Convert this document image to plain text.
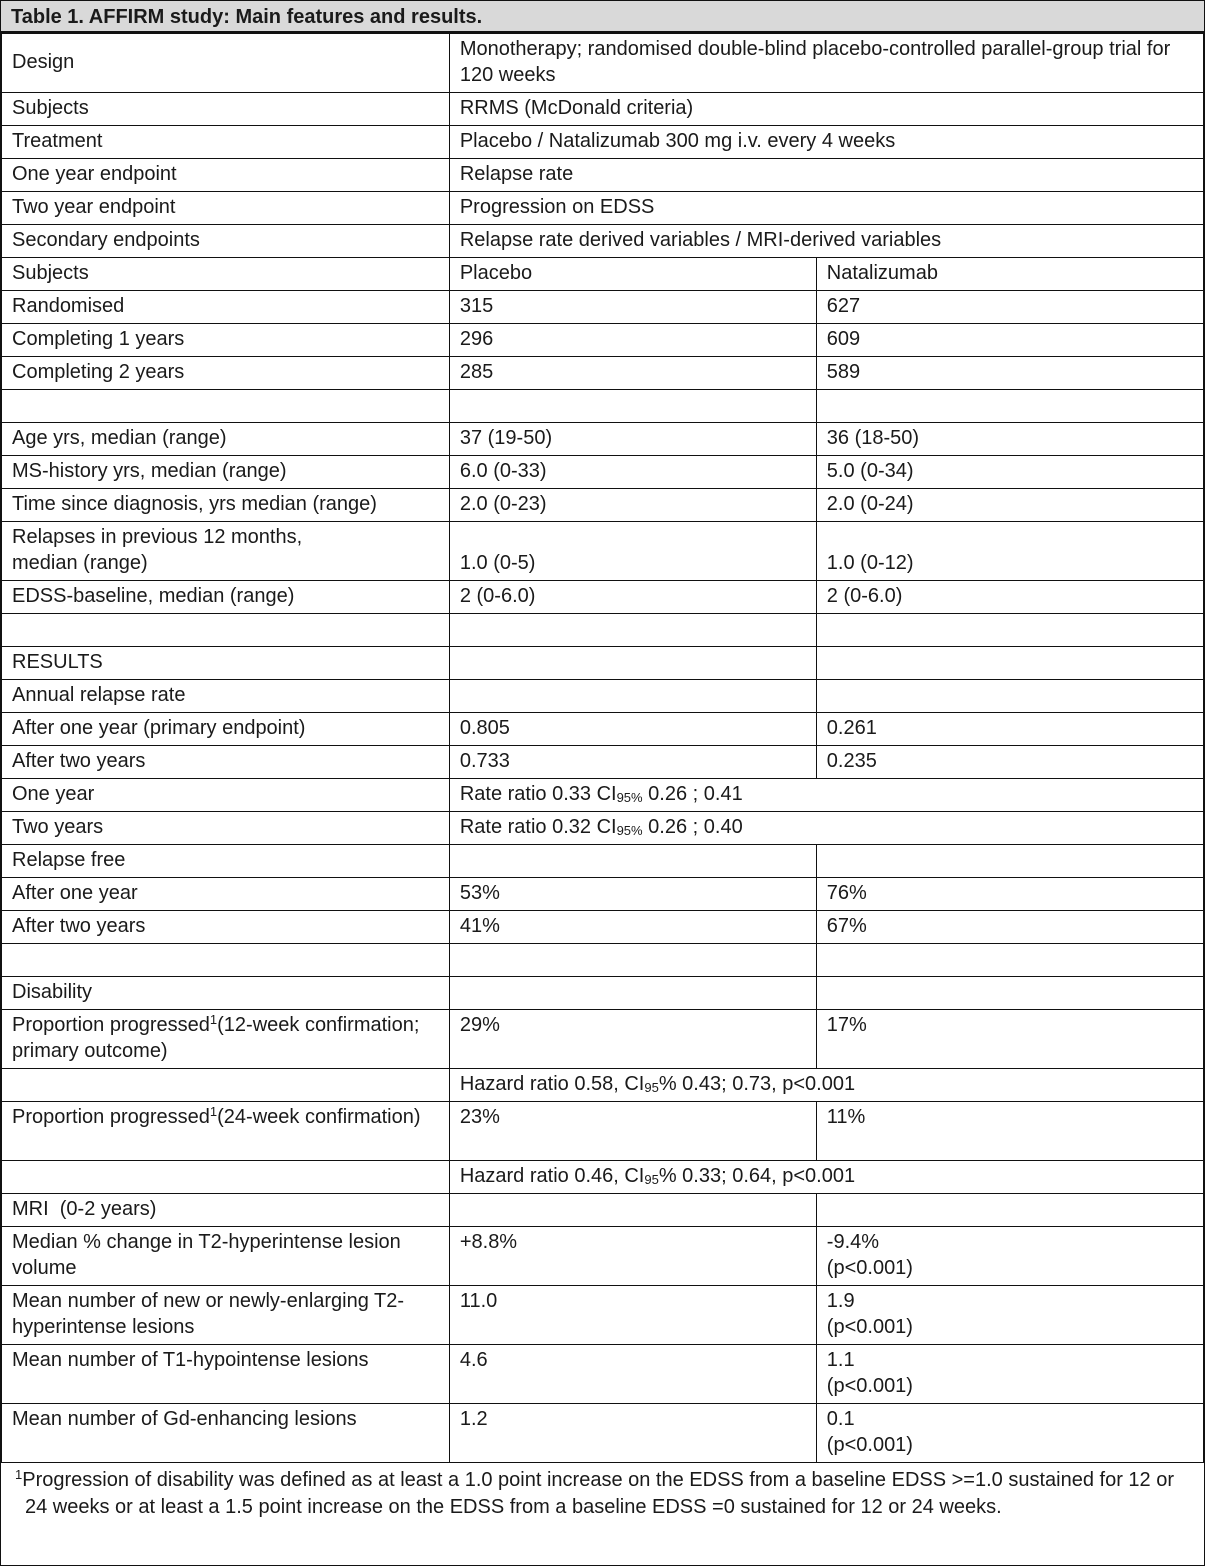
Table 1. AFFIRM study: Main features and results.
Design	Monotherapy; randomised double-blind placebo-controlled parallel-group trial for 120 weeks	
Subjects	RRMS (McDonald criteria)	
Treatment	Placebo / Natalizumab 300 mg i.v. every 4 weeks	
One year endpoint	Relapse rate	
Two year endpoint	Progression on EDSS	
Secondary endpoints	Relapse rate derived variables / MRI-derived variables	
Subjects	Placebo	Natalizumab
Randomised	315	627
Completing 1 years	296	609
Completing 2 years	285	589

Age yrs, median (range)	37 (19-50)	36 (18-50)
MS-history yrs, median (range)	6.0 (0-33)	5.0 (0-34)
Time since diagnosis, yrs median (range)	2.0 (0-23)	2.0 (0-24)
Relapses in previous 12 months,
median (range)	1.0 (0-5)	1.0 (0-12)
EDSS-baseline, median (range)	2 (0-6.0)	2 (0-6.0)

RESULTS		
Annual relapse rate		
After one year (primary endpoint)	0.805	0.261
After two years	0.733	0.235
One year	Rate ratio 0.33 $CI_{95\%}$ 0.26 ; 0.41	
Two years	Rate ratio 0.32 $CI_{95\%}$ 0.26 ; 0.40	
Relapse free		
After one year	53%	76%
After two years	41%	67%

Disability		
Proportion progressed$^1$(12-week confirmation; primary outcome)	29%	17%
	Hazard ratio 0.58, $CI_{95}\%$ 0.43; 0.73, p<0.001	
Proportion progressed$^1$(24-week confirmation)	23%	11%
	Hazard ratio 0.46, $CI_{95}\%$ 0.33; 0.64, p<0.001	
MRI  (0-2 years)		
Median % change in T2-hyperintense lesion volume	+8.8%	-9.4%
(p<0.001)
Mean number of new or newly-enlarging T2-hyperintense lesions	11.0	1.9
(p<0.001)
Mean number of T1-hypointense lesions	4.6	1.1
(p<0.001)
Mean number of Gd-enhancing lesions	1.2	0.1
(p<0.001)
$^1$Progression of disability was defined as at least a 1.0 point increase on the EDSS from a baseline EDSS >=1.0 sustained for 12 or 24 weeks or at least a 1.5 point increase on the EDSS from a baseline EDSS =0 sustained for 12 or 24 weeks.
